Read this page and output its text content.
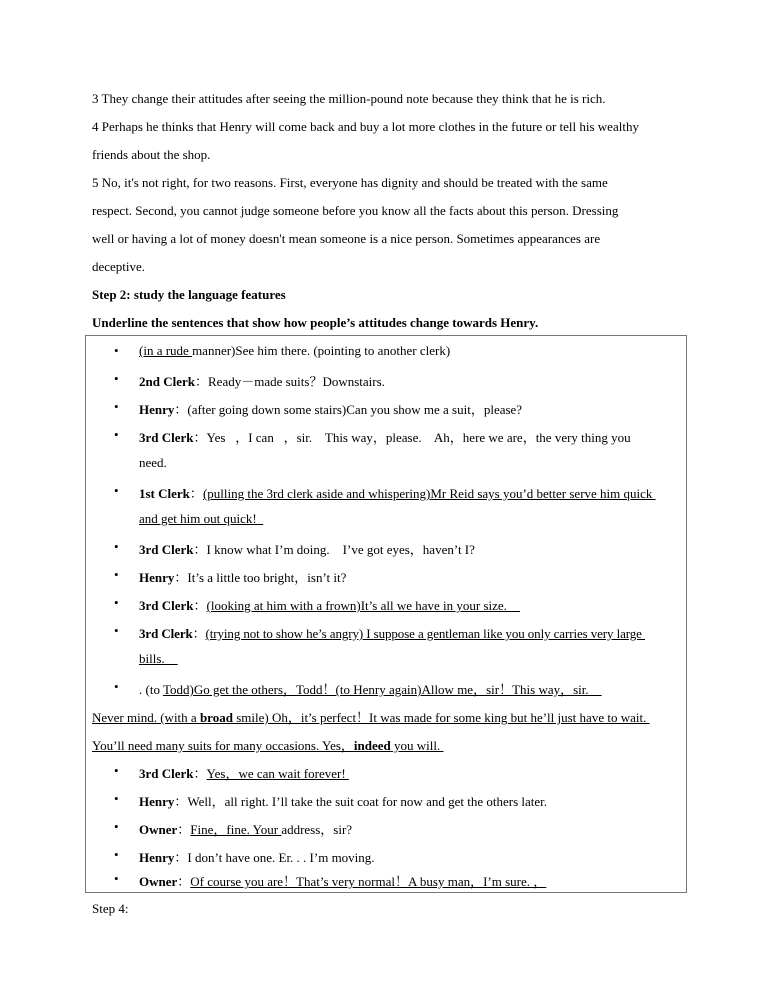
3 They change their attitudes after seeing the million-pound note because they think that he is rich.
4 Perhaps he thinks that Henry will come back and buy a lot more clothes in the future or tell his wealthy
friends about the shop.
5 No, it's not right, for two reasons. First, everyone has dignity and should be treated with the same
respect. Second, you cannot judge someone before you know all the facts about this person. Dressing
well or having a lot of money doesn't mean someone is a nice person. Sometimes appearances are
deceptive.
Step 2: study the language features
Underline the sentences that show how people’s attitudes change towards Henry.
• (in a rude manner)See him there. (pointing to another clerk)
• 2nd Clerk：Ready－made suits？Downstairs.
• Henry：(after going down some stairs)Can you show me a suit，please?
• 3rd Clerk：Yes   ，I can   ，sir.    This way，please.    Ah，here we are，the very thing you
need.
• 1st Clerk：(pulling the 3rd clerk aside and whispering)Mr Reid says you’d better serve him quick
and get him out quick!
• 3rd Clerk：I know what I’m doing.    I’ve got eyes，haven’t I?
• Henry：It’s a little too bright，isn’t it?
• 3rd Clerk：(looking at him with a frown)It’s all we have in your size.
• 3rd Clerk：(trying not to show he’s angry) I suppose a gentleman like you only carries very large
bills.
• . (to Todd)Go get the others，Todd！(to Henry again)Allow me，sir！This way，sir.
Never mind. (with a broad smile) Oh，it’s perfect！It was made for some king but he’ll just have to wait.
You’ll need many suits for many occasions. Yes，indeed you will.
• 3rd Clerk：Yes，we can wait forever!
• Henry：Well，all right. I’ll take the suit coat for now and get the others later.
• Owner：Fine，fine. Your address，sir?
• Henry：I don’t have one. Er. . . I’m moving.
• Owner：Of course you are！That’s very normal！A busy man，I’m sure. ，
Step 4:
